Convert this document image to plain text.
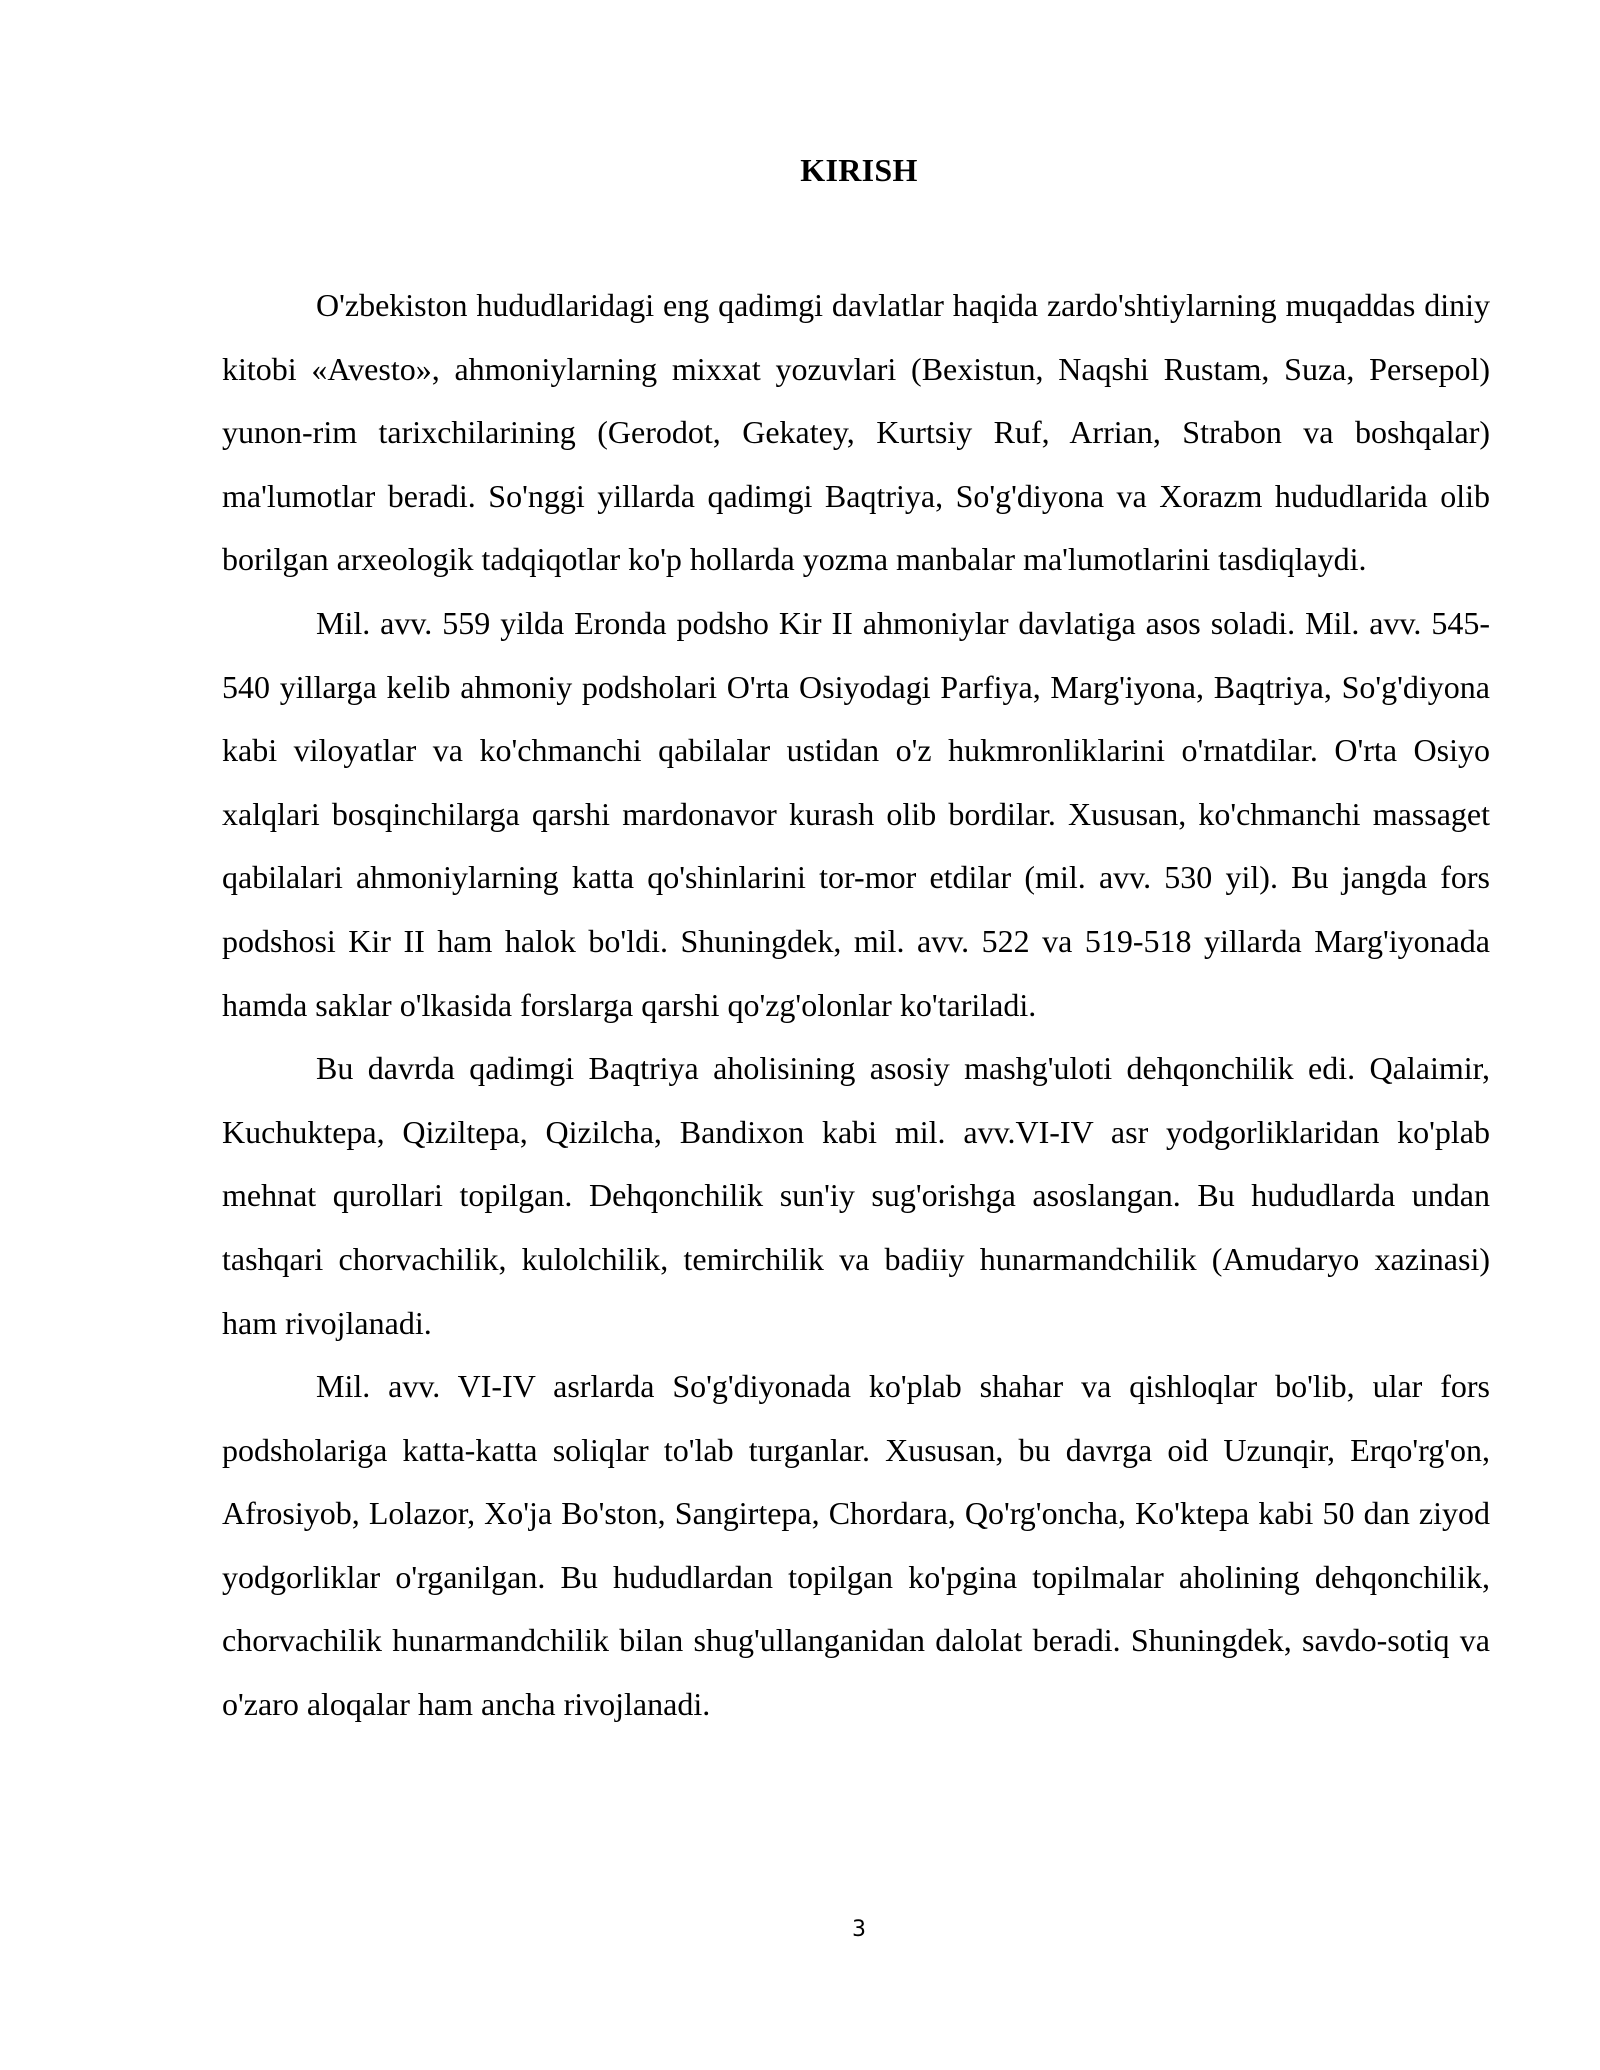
KIRISH

O'zbekiston hududlaridagi eng qadimgi davlatlar haqida zardo'shtiylarning muqaddas diniy kitobi «Avesto», ahmoniylarning mixxat yozuvlari (Bexistun, Naqshi Rustam, Suza, Persepol) yunon-rim tarixchilarining (Gerodot, Gekatey, Kurtsiy Ruf, Arrian, Strabon va boshqalar) ma'lumotlar beradi. So'nggi yillarda qadimgi Baqtriya, So'g'diyona va Xorazm hududlarida olib borilgan arxeologik tadqiqotlar ko'p hollarda yozma manbalar ma'lumotlarini tasdiqlaydi.

Mil. avv. 559 yilda Eronda podsho Kir II ahmoniylar davlatiga asos soladi. Mil. avv. 545-540 yillarga kelib ahmoniy podsholari O'rta Osiyodagi Parfiya, Marg'iyona, Baqtriya, So'g'diyona kabi viloyatlar va ko'chmanchi qabilalar ustidan o'z hukmronliklarini o'rnatdilar. O'rta Osiyo xalqlari bosqinchilarga qarshi mardonavor kurash olib bordilar. Xususan, ko'chmanchi massaget qabilalari ahmoniylarning katta qo'shinlarini tor-mor etdilar (mil. avv. 530 yil). Bu jangda fors podshosi Kir II ham halok bo'ldi. Shuningdek, mil. avv. 522 va 519-518 yillarda Marg'iyonada hamda saklar o'lkasida forslarga qarshi qo'zg'olonlar ko'tariladi.

Bu davrda qadimgi Baqtriya aholisining asosiy mashg'uloti dehqonchilik edi. Qalaimir, Kuchuktepa, Qiziltepa, Qizilcha, Bandixon kabi mil. avv.VI-IV asr yodgorliklaridan ko'plab mehnat qurollari topilgan. Dehqonchilik sun'iy sug'orishga asoslangan. Bu hududlarda undan tashqari chorvachilik, kulolchilik, temirchilik va badiiy hunarmandchilik (Amudaryo xazinasi) ham rivojlanadi.

Mil. avv. VI-IV asrlarda So'g'diyonada ko'plab shahar va qishloqlar bo'lib, ular fors podsholariga katta-katta soliqlar to'lab turganlar. Xususan, bu davrga oid Uzunqir, Erqo'rg'on, Afrosiyob, Lolazor, Xo'ja Bo'ston, Sangirtepa, Chordara, Qo'rg'oncha, Ko'ktepa kabi 50 dan ziyod yodgorliklar o'rganilgan. Bu hududlardan topilgan ko'pgina topilmalar aholining dehqonchilik, chorvachilik hunarmandchilik bilan shug'ullanganidan dalolat beradi. Shuningdek, savdo-sotiq va o'zaro aloqalar ham ancha rivojlanadi.

3
